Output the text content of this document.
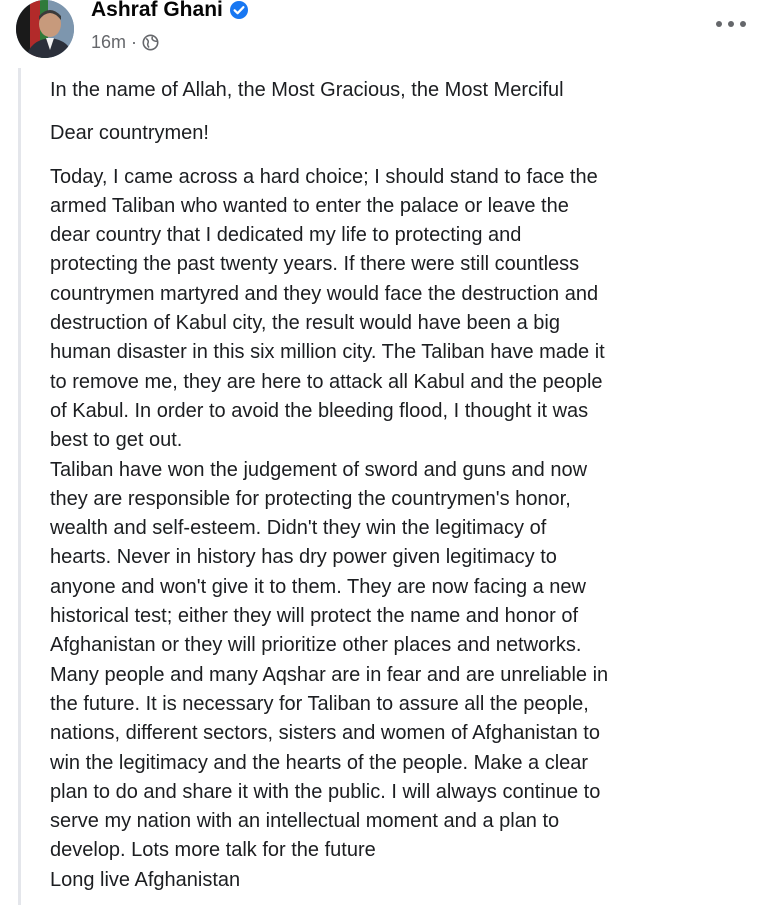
Ashraf Ghani
16m ·

In the name of Allah, the Most Gracious, the Most Merciful

Dear countrymen!

Today, I came across a hard choice; I should stand to face the

armed Taliban who wanted to enter the palace or leave the

dear country that I dedicated my life to protecting and

protecting the past twenty years. If there were still countless

countrymen martyred and they would face the destruction and

destruction of Kabul city, the result would have been a big

human disaster in this six million city. The Taliban have made it

to remove me, they are here to attack all Kabul and the people

of Kabul. In order to avoid the bleeding flood, I thought it was

best to get out.

Taliban have won the judgement of sword and guns and now

they are responsible for protecting the countrymen's honor,

wealth and self-esteem. Didn't they win the legitimacy of

hearts. Never in history has dry power given legitimacy to

anyone and won't give it to them. They are now facing a new

historical test; either they will protect the name and honor of

Afghanistan or they will prioritize other places and networks.

Many people and many Aqshar are in fear and are unreliable in

the future. It is necessary for Taliban to assure all the people,

nations, different sectors, sisters and women of Afghanistan to

win the legitimacy and the hearts of the people. Make a clear

plan to do and share it with the public. I will always continue to

serve my nation with an intellectual moment and a plan to

develop. Lots more talk for the future

Long live Afghanistan
